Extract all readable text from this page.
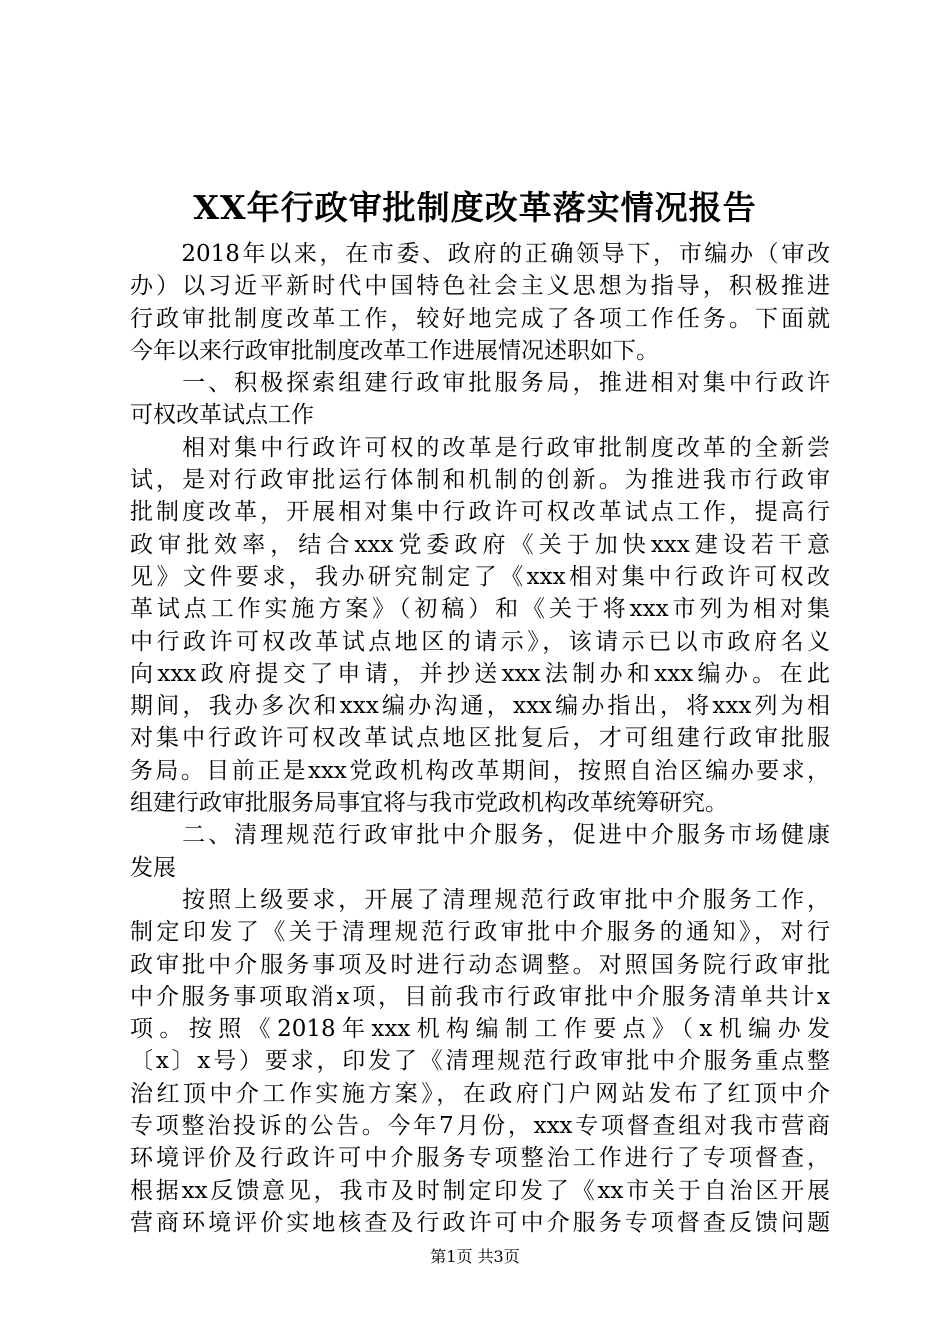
XX年行政审批制度改革落实情况报告
　　2018年以来，在市委、政府的正确领导下，市编办（审改
办）以习近平新时代中国特色社会主义思想为指导，积极推进
行政审批制度改革工作，较好地完成了各项工作任务。下面就
今年以来行政审批制度改革工作进展情况述职如下。
　　一、积极探索组建行政审批服务局，推进相对集中行政许
可权改革试点工作
　　相对集中行政许可权的改革是行政审批制度改革的全新尝
试，是对行政审批运行体制和机制的创新。为推进我市行政审
批制度改革，开展相对集中行政许可权改革试点工作，提高行
政审批效率，结合xxx党委政府《关于加快xxx建设若干意
见》文件要求，我办研究制定了《xxx相对集中行政许可权改
革试点工作实施方案》（初稿）和《关于将xxx市列为相对集
中行政许可权改革试点地区的请示》，该请示已以市政府名义
向xxx政府提交了申请，并抄送xxx法制办和xxx编办。在此
期间，我办多次和xxx编办沟通，xxx编办指出，将xxx列为相
对集中行政许可权改革试点地区批复后，才可组建行政审批服
务局。目前正是xxx党政机构改革期间，按照自治区编办要求，
组建行政审批服务局事宜将与我市党政机构改革统筹研究。
　　二、清理规范行政审批中介服务，促进中介服务市场健康
发展
　　按照上级要求，开展了清理规范行政审批中介服务工作，
制定印发了《关于清理规范行政审批中介服务的通知》，对行
政审批中介服务事项及时进行动态调整。对照国务院行政审批
中介服务事项取消x项，目前我市行政审批中介服务清单共计x
项。按照《2018年xxx机构编制工作要点》（x机编办发
〔x〕x号）要求，印发了《清理规范行政审批中介服务重点整
治红顶中介工作实施方案》，在政府门户网站发布了红顶中介
专项整治投诉的公告。今年7月份，xxx专项督查组对我市营商
环境评价及行政许可中介服务专项整治工作进行了专项督查，
根据xx反馈意见，我市及时制定印发了《xx市关于自治区开展
营商环境评价实地核查及行政许可中介服务专项督查反馈问题

第1页 共3页
